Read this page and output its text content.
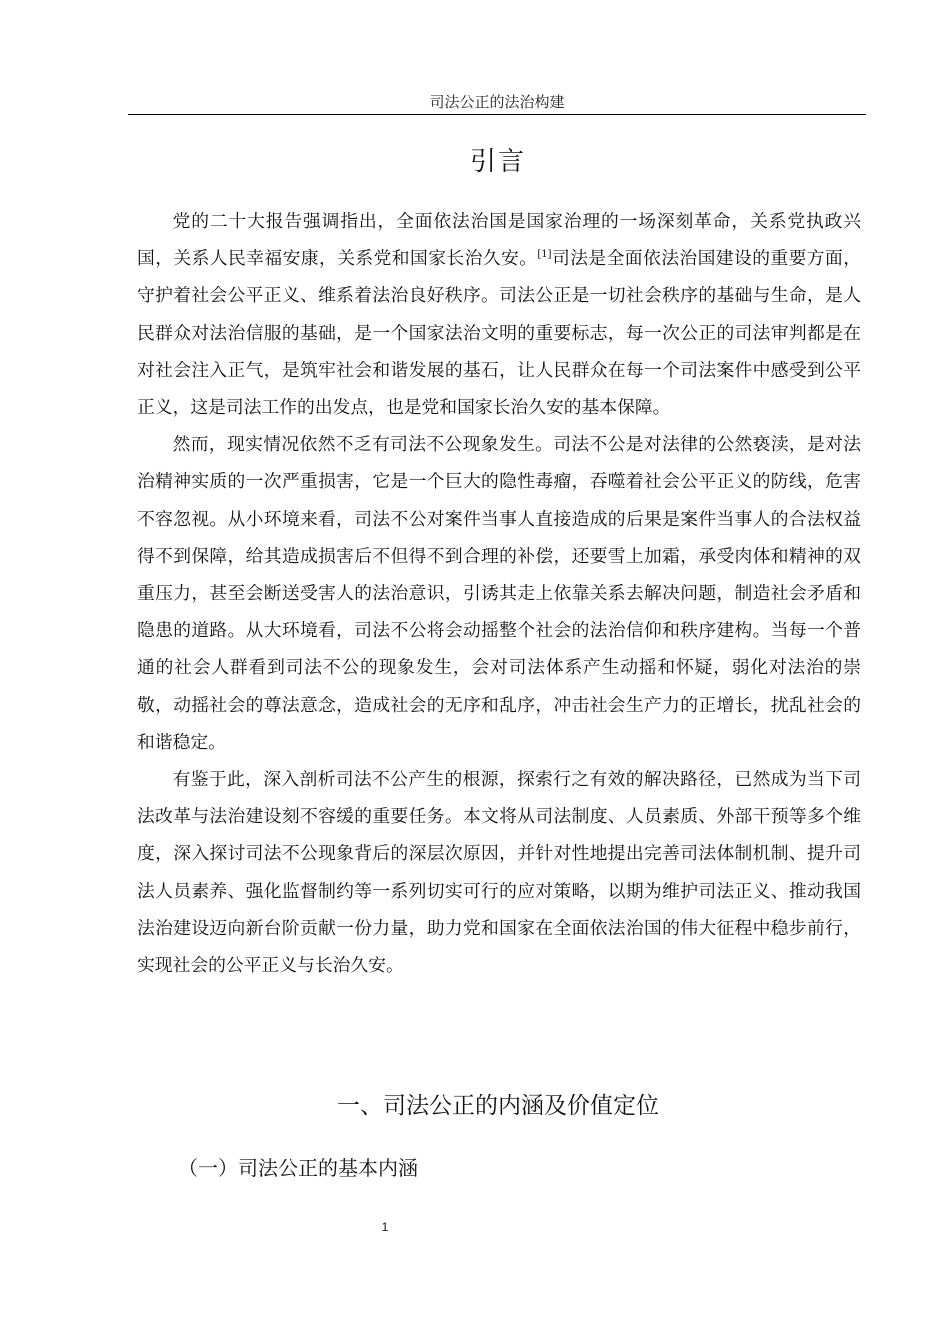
司法公正的法治构建
引言

党的二十大报告强调指出，全面依法治国是国家治理的一场深刻革命，关系党执政兴国，关系人民幸福安康，关系党和国家长治久安。[1]司法是全面依法治国建设的重要方面，守护着社会公平正义、维系着法治良好秩序。司法公正是一切社会秩序的基础与生命，是人民群众对法治信服的基础，是一个国家法治文明的重要标志，每一次公正的司法审判都是在对社会注入正气，是筑牢社会和谐发展的基石，让人民群众在每一个司法案件中感受到公平正义，这是司法工作的出发点，也是党和国家长治久安的基本保障。

然而，现实情况依然不乏有司法不公现象发生。司法不公是对法律的公然亵渎，是对法治精神实质的一次严重损害，它是一个巨大的隐性毒瘤，吞噬着社会公平正义的防线，危害不容忽视。从小环境来看，司法不公对案件当事人直接造成的后果是案件当事人的合法权益得不到保障，给其造成损害后不但得不到合理的补偿，还要雪上加霜，承受肉体和精神的双重压力，甚至会断送受害人的法治意识，引诱其走上依靠关系去解决问题，制造社会矛盾和隐患的道路。从大环境看，司法不公将会动摇整个社会的法治信仰和秩序建构。当每一个普通的社会人群看到司法不公的现象发生，会对司法体系产生动摇和怀疑，弱化对法治的崇敬，动摇社会的尊法意念，造成社会的无序和乱序，冲击社会生产力的正增长，扰乱社会的和谐稳定。

有鉴于此，深入剖析司法不公产生的根源，探索行之有效的解决路径，已然成为当下司法改革与法治建设刻不容缓的重要任务。本文将从司法制度、人员素质、外部干预等多个维度，深入探讨司法不公现象背后的深层次原因，并针对性地提出完善司法体制机制、提升司法人员素养、强化监督制约等一系列切实可行的应对策略，以期为维护司法正义、推动我国法治建设迈向新台阶贡献一份力量，助力党和国家在全面依法治国的伟大征程中稳步前行，实现社会的公平正义与长治久安。

一、司法公正的内涵及价值定位
（一）司法公正的基本内涵
1
